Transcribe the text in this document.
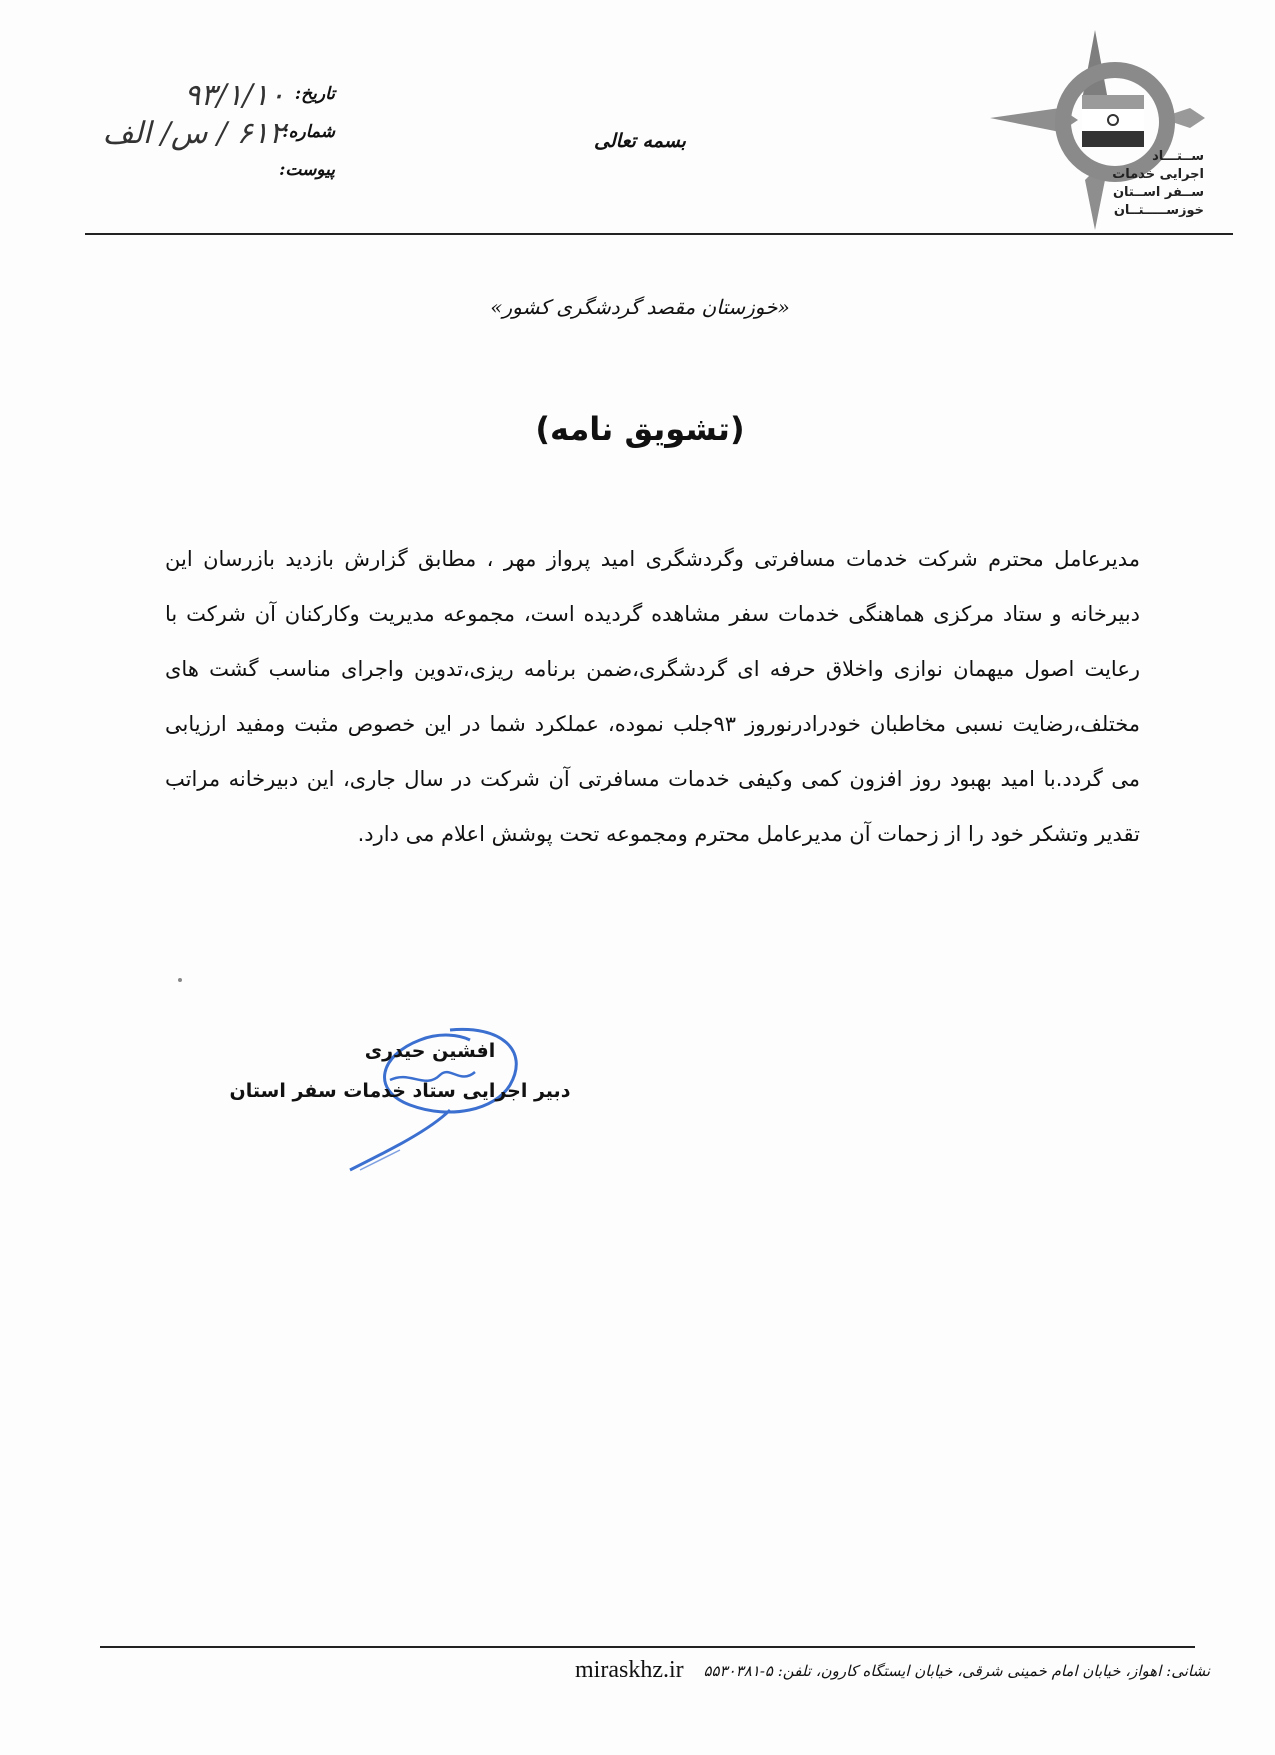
ســتـــاد
اجرایی خدمات
ســفر اســتان
خوزســـــتــان
تاریخ:
۹۳/۱/۱۰
شماره:
۶۱۲ / س/ الف
پیوست:
بسمه تعالی
«خوزستان مقصد گردشگری کشور»
(تشویق نامه)

مدیرعامل محترم شرکت خدمات مسافرتی وگردشگری امید پرواز مهر ، مطابق گزارش بازدید بازرسان این دبیرخانه و ستاد مرکزی هماهنگی خدمات سفر مشاهده گردیده است، مجموعه مدیریت وکارکنان آن شرکت با رعایت اصول میهمان نوازی واخلاق حرفه ای گردشگری،ضمن برنامه ریزی،تدوین واجرای مناسب گشت های مختلف،رضایت نسبی مخاطبان خودرادرنوروز ۹۳جلب نموده، عملکرد شما در این خصوص مثبت ومفید ارزیابی می گردد.با امید بهبود روز افزون کمی وکیفی خدمات مسافرتی آن شرکت در سال جاری، این دبیرخانه مراتب تقدیر وتشکر خود را از زحمات آن مدیرعامل محترم ومجموعه تحت پوشش اعلام می دارد.

افشین حیدری
دبیر اجرایی ستاد خدمات سفر استان
نشانی: اهواز، خیابان امام خمینی شرقی، خیابان ایستگاه کارون، تلفن: ۵-۵۵۳۰۳۸۱
miraskhz.ir
